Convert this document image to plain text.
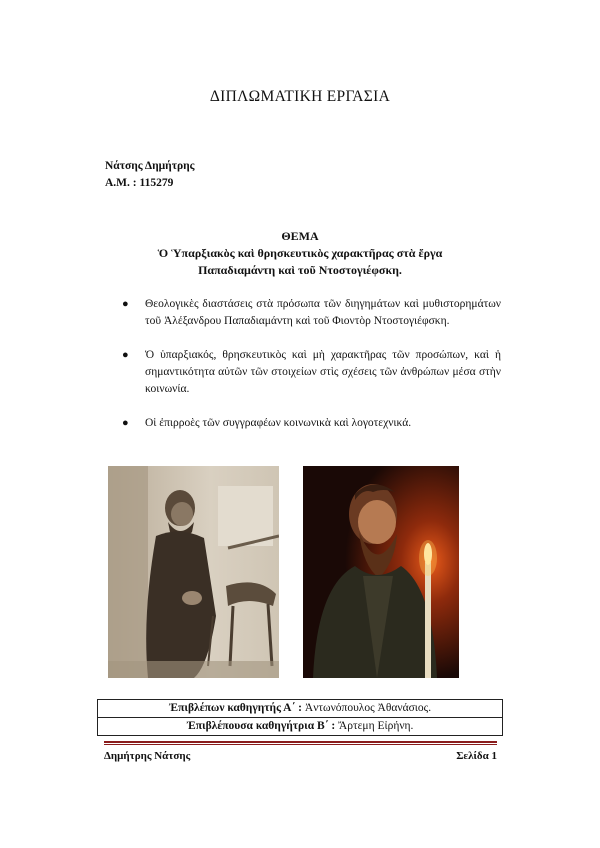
ΔΙΠΛΩΜΑΤΙΚΗ ΕΡΓΑΣΙΑ
Νάτσης Δημήτρης
Α.Μ. : 115279
ΘΕΜΑ
Ὁ Ὑπαρξιακὸς καὶ θρησκευτικὸς χαρακτῆρας στὰ ἔργα
Παπαδιαμάντη καὶ τοῦ Ντοστογιέφσκη.
● Θεολογικὲς διαστάσεις στὰ πρόσωπα τῶν διηγημάτων καὶ μυθιστορημάτων τοῦ Ἀλέξανδρου Παπαδιαμάντη καὶ τοῦ Φιοντὸρ Ντοστογιέφσκη.
● Ὁ ὑπαρξιακός, θρησκευτικὸς καὶ μὴ χαρακτῆρας τῶν προσώπων, καὶ ἡ σημαντικότητα αὐτῶν τῶν στοιχείων στὶς σχέσεις τῶν ἀνθρώπων μέσα στὴν κοινωνία.
● Οἱ ἐπιρροὲς τῶν συγγραφέων κοινωνικὰ καὶ λογοτεχνικά.
Ἐπιβλέπων καθηγητής Α΄ : Ἀντωνόπουλος Ἀθανάσιος.
Ἐπιβλέπουσα καθηγήτρια Β΄ : Ἄρτεμη Εἰρήνη.
Δημήτρης Νάτσης	Σελίδα 1
